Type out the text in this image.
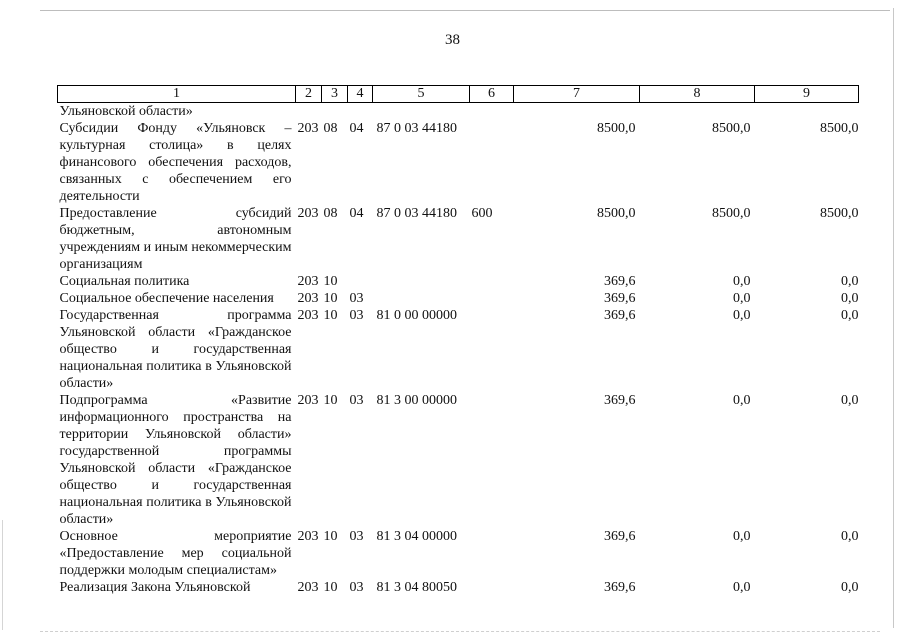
38
1	2	3	4	5	6	7	8	9
Ульяновской области»								
Субсидии Фонду «Ульяновск – культурная столица» в целях финансового обеспечения расходов, связанных с обеспечением его деятельности	203	08	04	87 0 03 44180		8500,0	8500,0	8500,0
Предоставление субсидий бюджетным, автономным учреждениям и иным некоммерческим организациям	203	08	04	87 0 03 44180	600	8500,0	8500,0	8500,0
Социальная политика	203	10				369,6	0,0	0,0
Социальное обеспечение населения	203	10	03			369,6	0,0	0,0
Государственная программа Ульяновской области «Гражданское общество и государственная национальная политика в Ульяновской области»	203	10	03	81 0 00 00000		369,6	0,0	0,0
Подпрограмма «Развитие информационного пространства на территории Ульяновской области» государственной программы Ульяновской области «Гражданское общество и государственная национальная политика в Ульяновской области»	203	10	03	81 3 00 00000		369,6	0,0	0,0
Основное мероприятие «Предоставление мер социальной поддержки молодым специалистам»	203	10	03	81 3 04 00000		369,6	0,0	0,0
Реализация Закона Ульяновской	203	10	03	81 3 04 80050		369,6	0,0	0,0
